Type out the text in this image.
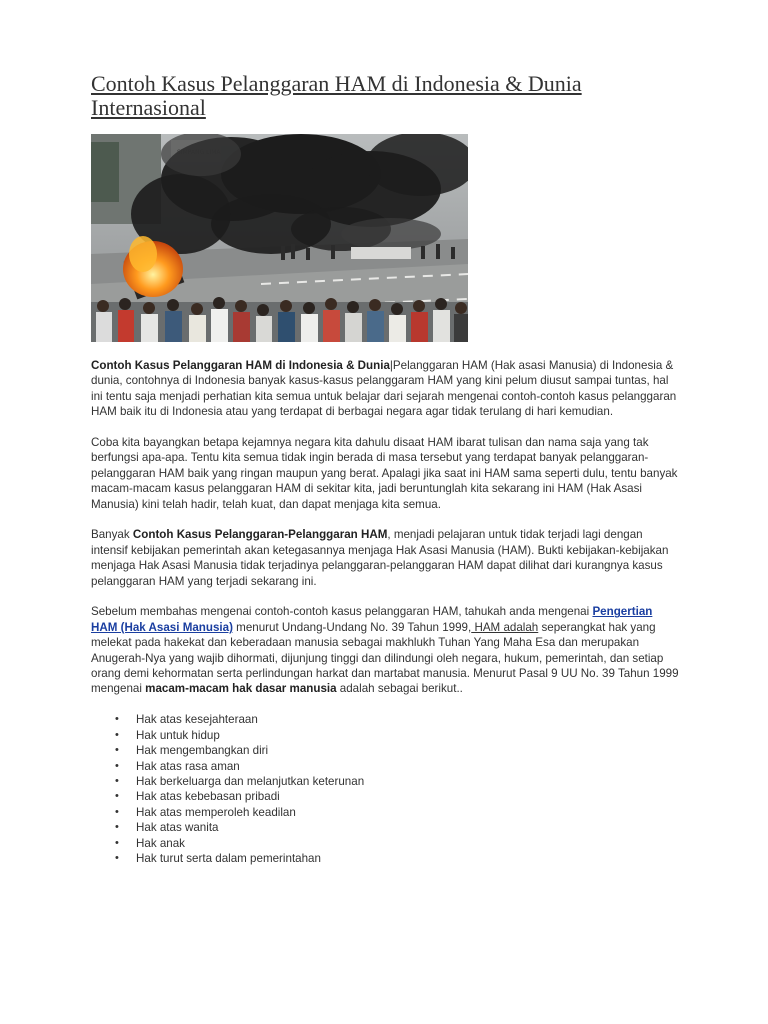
Contoh Kasus Pelanggaran HAM di Indonesia & Dunia Internasional

Contoh Kasus Pelanggaran HAM di Indonesia & Dunia|Pelanggaran HAM (Hak asasi Manusia) di Indonesia & dunia, contohnya di Indonesia banyak kasus-kasus pelanggaram HAM yang kini pelum diusut sampai tuntas, hal ini tentu saja menjadi perhatian kita semua untuk belajar dari sejarah mengenai contoh-contoh kasus pelanggaran HAM baik itu di Indonesia atau yang terdapat di berbagai negara agar tidak terulang di hari kemudian.

Coba kita bayangkan betapa kejamnya negara kita dahulu disaat HAM ibarat tulisan dan nama saja yang tak berfungsi apa-apa. Tentu kita semua tidak ingin berada di masa tersebut yang terdapat banyak pelanggaran-pelanggaran HAM baik yang ringan maupun yang berat. Apalagi jika saat ini HAM sama seperti dulu, tentu banyak macam-macam kasus pelanggaran HAM di sekitar kita, jadi beruntunglah kita sekarang ini HAM (Hak Asasi Manusia) kini telah hadir, telah kuat, dan dapat menjaga kita semua.

Banyak Contoh Kasus Pelanggaran-Pelanggaran HAM, menjadi pelajaran untuk tidak terjadi lagi dengan intensif kebijakan pemerintah akan ketegasannya menjaga Hak Asasi Manusia (HAM). Bukti kebijakan-kebijakan menjaga Hak Asasi Manusia tidak terjadinya pelanggaran-pelanggaran HAM dapat dilihat dari kurangnya kasus pelanggaran HAM yang terjadi sekarang ini.

Sebelum membahas mengenai contoh-contoh kasus pelanggaran HAM, tahukah anda mengenai Pengertian HAM (Hak Asasi Manusia) menurut Undang-Undang No. 39 Tahun 1999, HAM adalah seperangkat hak yang melekat pada hakekat dan keberadaan manusia sebagai makhlukh Tuhan Yang Maha Esa dan merupakan Anugerah-Nya yang wajib dihormati, dijunjung tinggi dan dilindungi oleh negara, hukum, pemerintah, dan setiap orang demi kehormatan serta perlindungan harkat dan martabat manusia. Menurut Pasal 9 UU No. 39 Tahun 1999 mengenai macam-macam hak dasar manusia adalah sebagai berikut..

• Hak atas kesejahteraan
• Hak untuk hidup
• Hak mengembangkan diri
• Hak atas rasa aman
• Hak berkeluarga dan melanjutkan keterunan
• Hak atas kebebasan pribadi
• Hak atas memperoleh keadilan
• Hak atas wanita
• Hak anak
• Hak turut serta dalam pemerintahan
